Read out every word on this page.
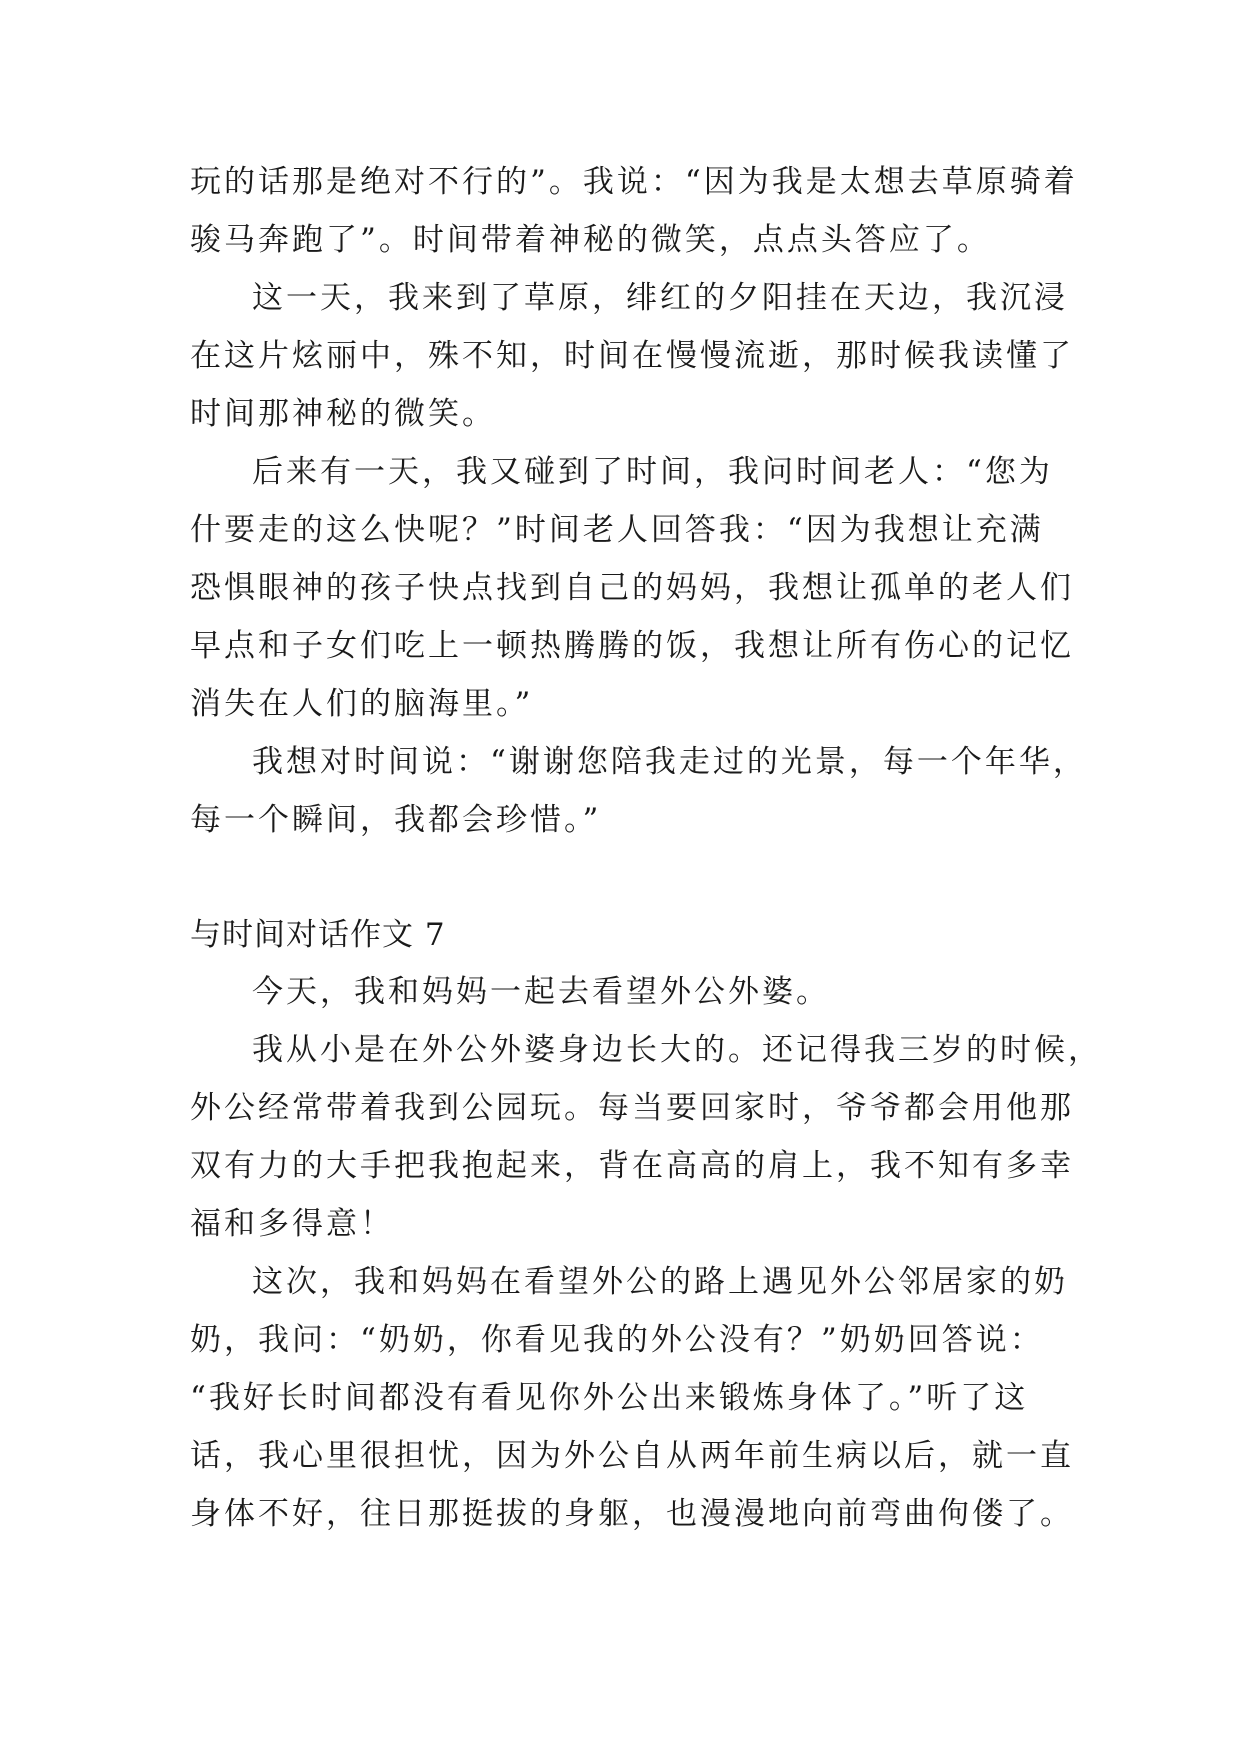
玩的话那是绝对不行的”。我说：“因为我是太想去草原骑着
骏马奔跑了”。时间带着神秘的微笑，点点头答应了。
这一天，我来到了草原，绯红的夕阳挂在天边，我沉浸
在这片炫丽中，殊不知，时间在慢慢流逝，那时候我读懂了
时间那神秘的微笑。
后来有一天，我又碰到了时间，我问时间老人：“您为
什要走的这么快呢？”时间老人回答我：“因为我想让充满
恐惧眼神的孩子快点找到自己的妈妈，我想让孤单的老人们
早点和子女们吃上一顿热腾腾的饭，我想让所有伤心的记忆
消失在人们的脑海里。”
我想对时间说：“谢谢您陪我走过的光景，每一个年华，
每一个瞬间，我都会珍惜。”
与时间对话作文 7
今天，我和妈妈一起去看望外公外婆。
我从小是在外公外婆身边长大的。还记得我三岁的时候，
外公经常带着我到公园玩。每当要回家时，爷爷都会用他那
双有力的大手把我抱起来，背在高高的肩上，我不知有多幸
福和多得意！
这次，我和妈妈在看望外公的路上遇见外公邻居家的奶
奶，我问：“奶奶，你看见我的外公没有？”奶奶回答说：
“我好长时间都没有看见你外公出来锻炼身体了。”听了这
话，我心里很担忧，因为外公自从两年前生病以后，就一直
身体不好，往日那挺拔的身躯，也漫漫地向前弯曲佝偻了。
